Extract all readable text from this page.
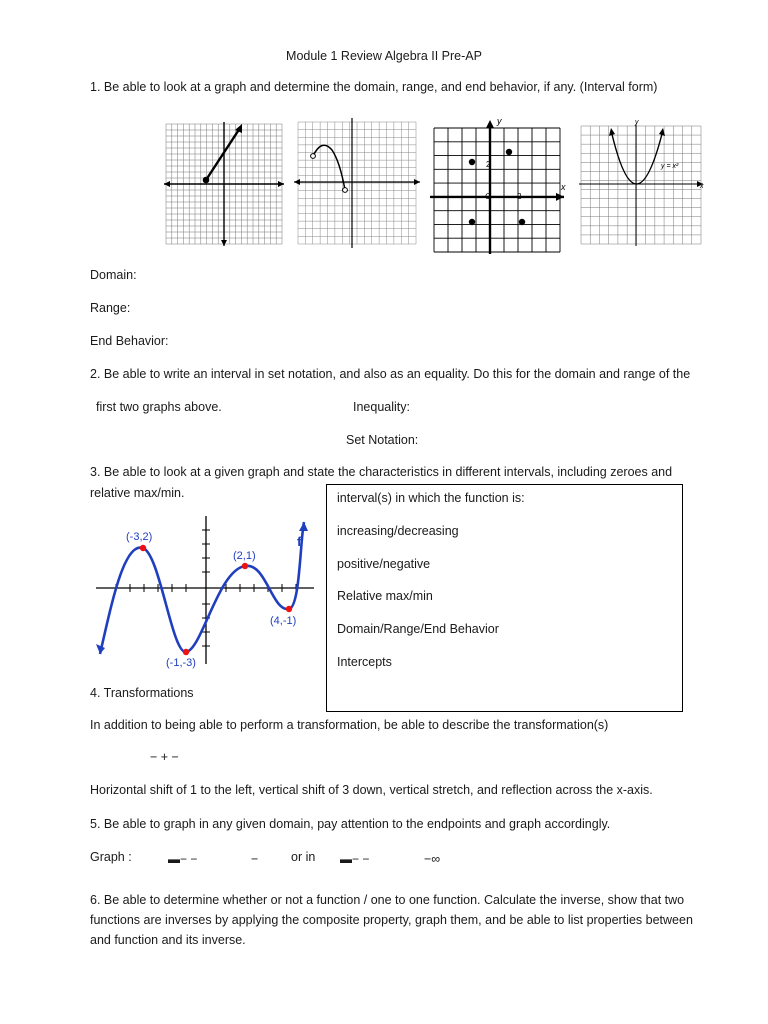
Module 1 Review Algebra II Pre-AP
1. Be able to look at a graph and determine the domain, range, and end behavior, if any. (Interval form)
y
x
2
O	2
y
x
y = x²
Domain:
Range:
End Behavior:
2. Be able to write an interval in set notation, and also as an equality. Do this for the domain and range of the
first two graphs above.	Inequality:
Set Notation:
3. Be able to look at a given graph and state the characteristics in different intervals, including zeroes and
relative max/min.	interval(s) in which the function is:
increasing/decreasing
positive/negative
Relative max/min
Domain/Range/End Behavior
Intercepts
(-3,2)
(2,1)
(4,-1)
(-1,-3)
f
4. Transformations
In addition to being able to perform a transformation, be able to describe the transformation(s)
− + −
Horizontal shift of 1 to the left, vertical shift of 3 down, vertical stretch, and reflection across the x-axis.
5. Be able to graph in any given domain, pay attention to the endpoints and graph accordingly.
Graph :	▬− −	−	or in ▬− −	−∞
6. Be able to determine whether or not a function / one to one function. Calculate the inverse, show that two
functions are inverses by applying the composite property, graph them, and be able to list properties between
and function and its inverse.
